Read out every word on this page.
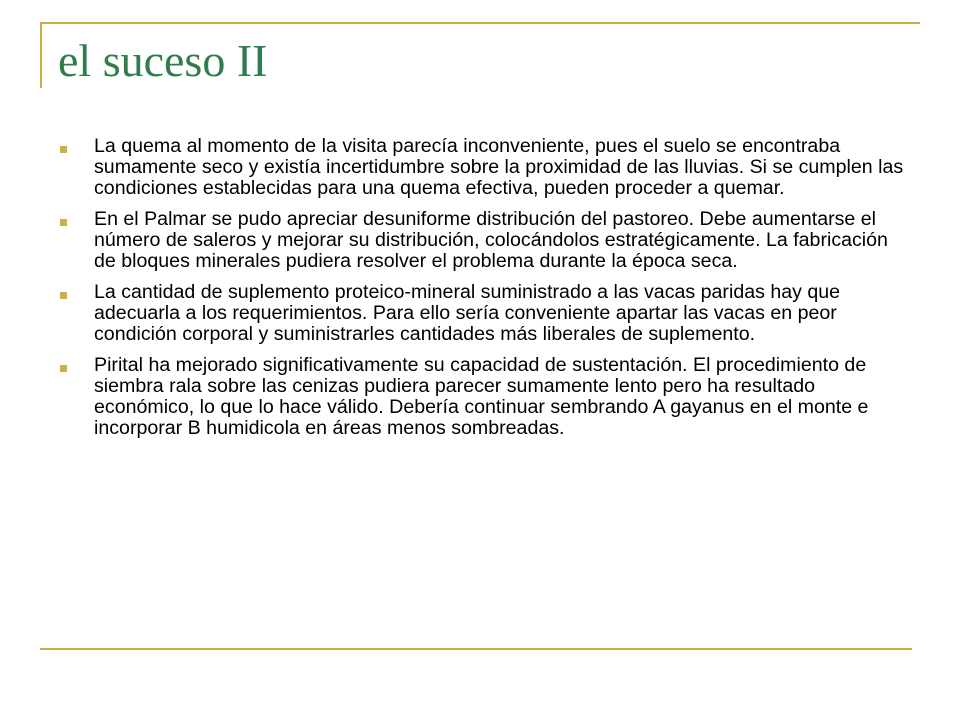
el suceso II
La quema al momento de la visita parecía inconveniente, pues el suelo se encontraba sumamente seco y existía incertidumbre sobre la proximidad de las lluvias. Si se cumplen las condiciones establecidas para una quema efectiva, pueden proceder a quemar.
En el Palmar se pudo apreciar desuniforme distribución del pastoreo. Debe aumentarse el número de saleros y mejorar su distribución, colocándolos estratégicamente. La fabricación de bloques minerales pudiera resolver el problema durante la época seca.
La cantidad de suplemento proteico-mineral suministrado a las vacas paridas hay que adecuarla a los requerimientos. Para ello sería conveniente apartar las vacas en peor condición corporal y suministrarles cantidades más liberales de suplemento.
Pirital ha mejorado significativamente su capacidad de sustentación. El procedimiento de siembra rala sobre las cenizas pudiera parecer sumamente lento pero ha resultado económico, lo que lo hace válido. Debería continuar sembrando A gayanus en el monte e incorporar B humidicola en áreas menos sombreadas.
